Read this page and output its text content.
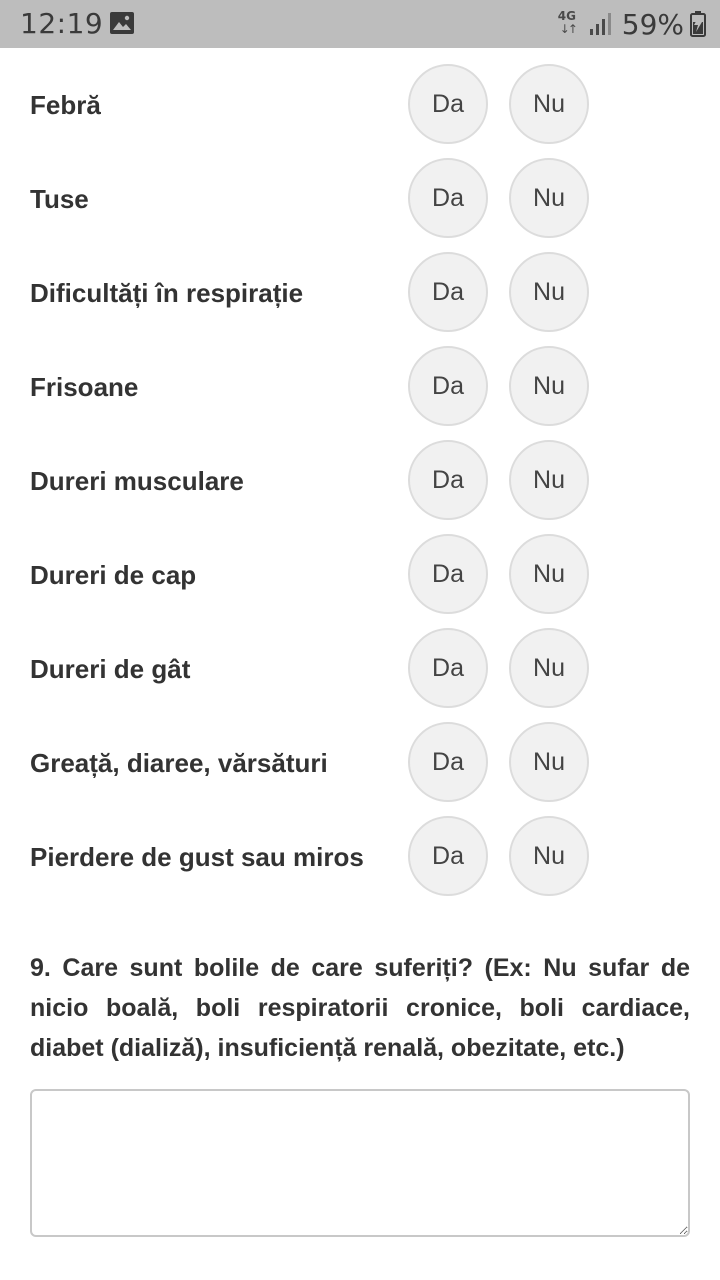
12:19	4G
↓↑ 59%
Febră	Da	Nu
Tuse	Da	Nu
Dificultăți în respirație	Da	Nu
Frisoane	Da	Nu
Dureri musculare	Da	Nu
Dureri de cap	Da	Nu
Dureri de gât	Da	Nu
Greață, diaree, vărsături	Da	Nu
Pierdere de gust sau miros	Da	Nu
9. Care sunt bolile de care suferiți? (Ex: Nu sufar de nicio boală, boli respiratorii cronice, boli cardiace, diabet (dializă), insuficiență renală, obezitate, etc.)
